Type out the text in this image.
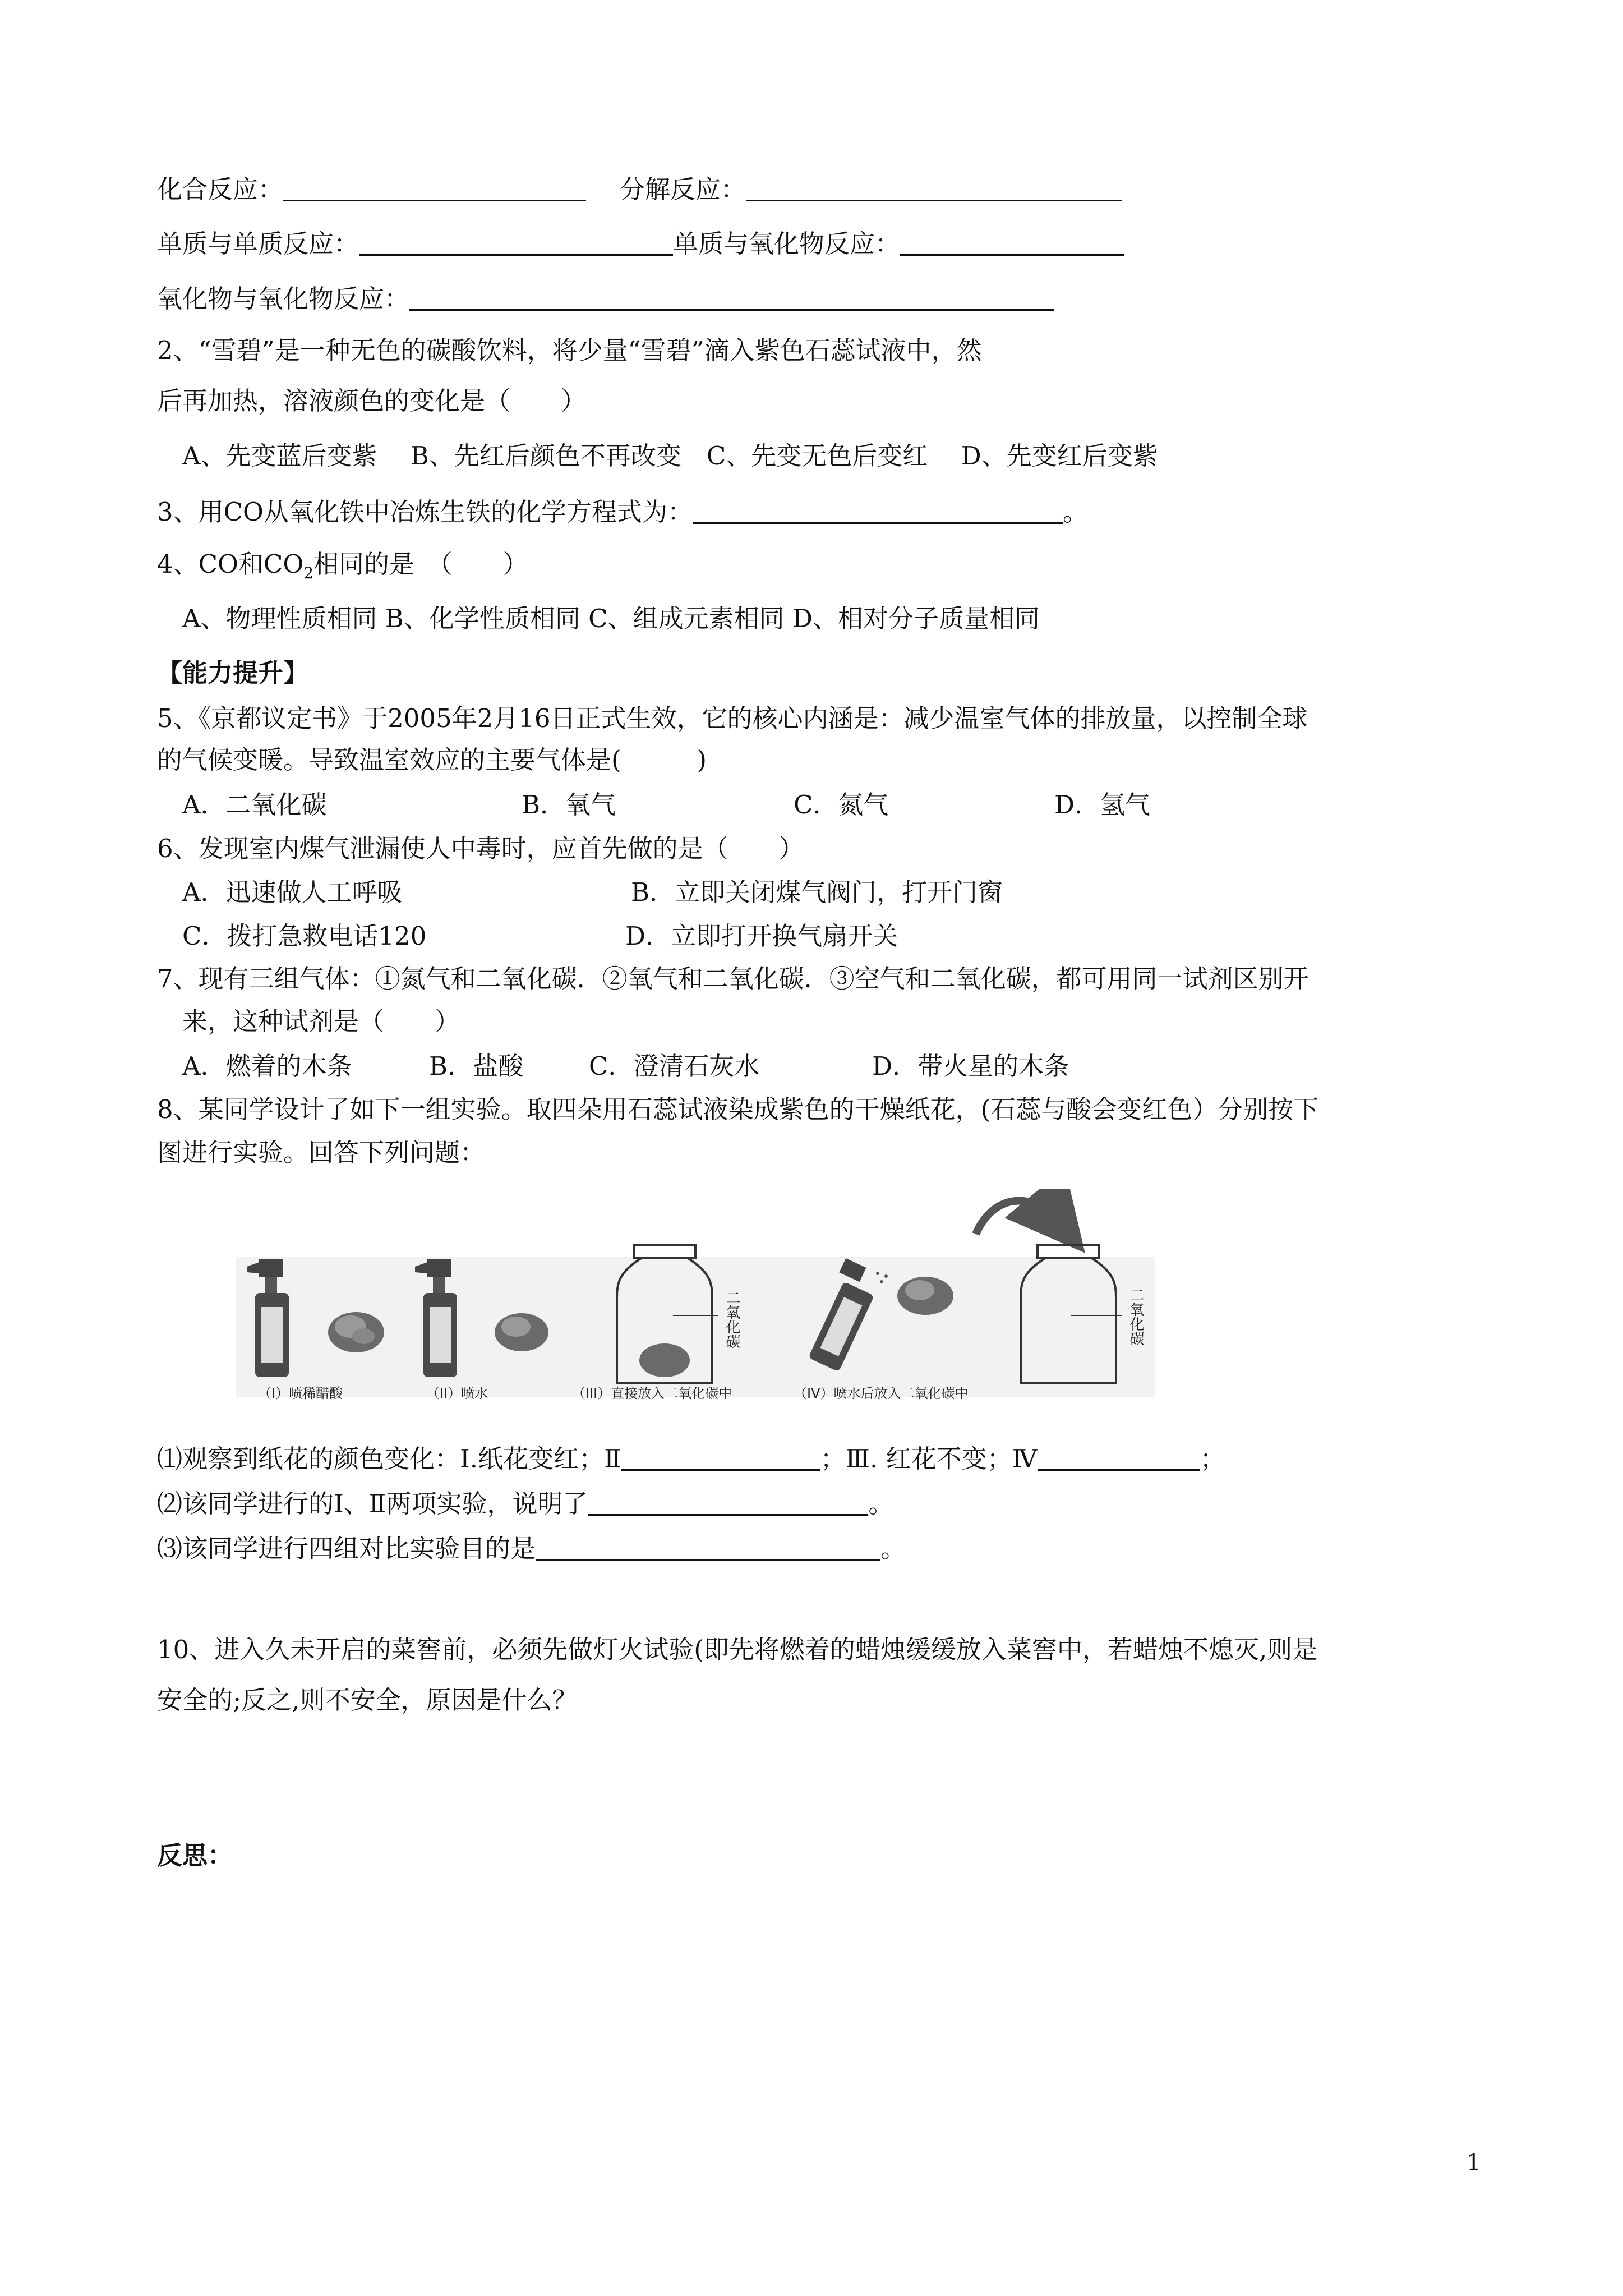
化合反应：	分解反应：
单质与单质反应：	单质与氧化物反应：
氧化物与氧化物反应：
2、“雪碧”是一种无色的碳酸饮料，将少量“雪碧”滴入紫色石蕊试液中，然
后再加热，溶液颜色的变化是（　　）
A、先变蓝后变紫　 B、先红后颜色不再改变　C、先变无色后变红　 D、先变红后变紫
3、用CO从氧化铁中冶炼生铁的化学方程式为：	。
4、CO和$CO_2$相同的是　（　　）
A、物理性质相同 B、化学性质相同 C、组成元素相同 D、相对分子质量相同
【能力提升】
5、《京都议定书》于2005年2月16日正式生效，它的核心内涵是：减少温室气体的排放量，以控制全球
的气候变暖。导致温室效应的主要气体是(　　　)
A．二氧化碳	B．氧气	C．氮气	D．氢气
6、发现室内煤气泄漏使人中毒时，应首先做的是（　　）
A．迅速做人工呼吸	B．立即关闭煤气阀门，打开门窗
C．拨打急救电话120	D．立即打开换气扇开关
7、现有三组气体：①氮气和二氧化碳．②氧气和二氧化碳．③空气和二氧化碳，都可用同一试剂区别开
来，这种试剂是（　　）
A．燃着的木条	B．盐酸	C．澄清石灰水	D．带火星的木条
8、某同学设计了如下一组实验。取四朵用石蕊试液染成紫色的干燥纸花，(石蕊与酸会变红色）分别按下
图进行实验。回答下列问题：
二氧化碳	二氧化碳
（I）喷稀醋酸	（II）喷水	（III）直接放入二氧化碳中	（IV）喷水后放入二氧化碳中
⑴观察到纸花的颜色变化：Ⅰ.纸花变红；Ⅱ	；Ⅲ. 红花不变；Ⅳ	；
⑵该同学进行的Ⅰ、Ⅱ两项实验，说明了	。
⑶该同学进行四组对比实验目的是	。
10、进入久未开启的菜窖前，必须先做灯火试验(即先将燃着的蜡烛缓缓放入菜窖中，若蜡烛不熄灭,则是
安全的;反之,则不安全，原因是什么？
反思：
1
